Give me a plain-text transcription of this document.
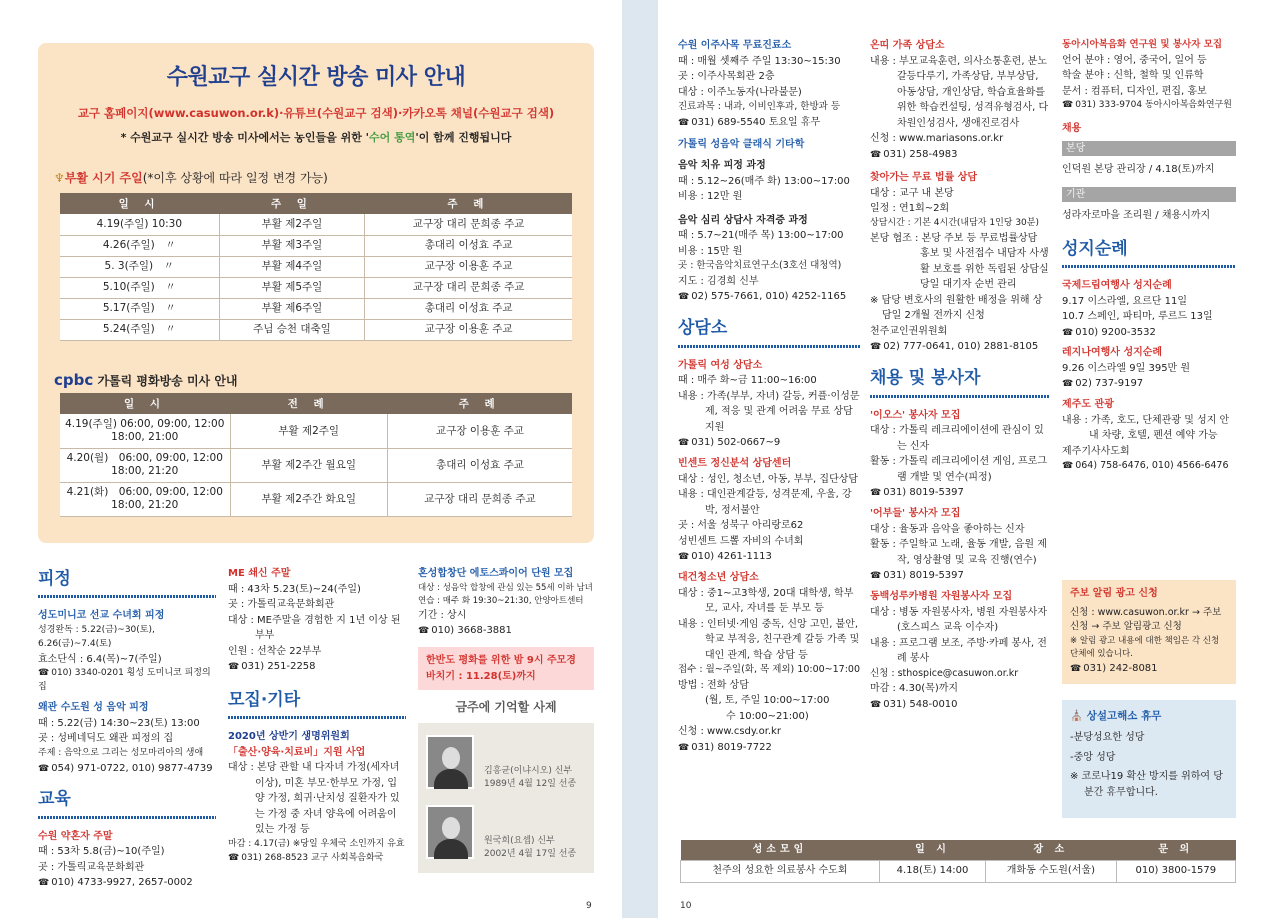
수원교구 실시간 방송 미사 안내
교구 홈페이지(www.casuwon.or.k)·유튜브(수원교구 검색)·카카오톡 채널(수원교구 검색)
* 수원교구 실시간 방송 미사에서는 농인들을 위한 '수어 통역'이 함께 진행됩니다
♆부활 시기 주일(*이후 상황에 따라 일정 변경 가능)
일 시	주 일	주 례
4.19(주일) 10:30	부활 제2주일	교구장 대리 문희종 주교
4.26(주일)　〃	부활 제3주일	총대리 이성효 주교
5. 3(주일)　〃	부활 제4주일	교구장 이용훈 주교
5.10(주일)　〃	부활 제5주일	교구장 대리 문희종 주교
5.17(주일)　〃	부활 제6주일	총대리 이성효 주교
5.24(주일)　〃	주님 승천 대축일	교구장 이용훈 주교
cpbc 가톨릭 평화방송 미사 안내
일 시	전 례	주 례
4.19(주일) 06:00, 09:00, 12:00
18:00, 21:00	부활 제2주일	교구장 이용훈 주교
4.20(월)　06:00, 09:00, 12:00
18:00, 21:20	부활 제2주간 월요일	총대리 이성효 주교
4.21(화)　06:00, 09:00, 12:00
18:00, 21:20	부활 제2주간 화요일	교구장 대리 문희종 주교
피정
성도미니코 선교 수녀회 피정
성경완독 : 5.22(금)~30(토), 6.26(금)~7.4(토)
효소단식 : 6.4(목)~7(주일)
☎ 010) 3340-0201 횡성 도미니코 피정의 집
왜관 수도원 성 음악 피정
때 : 5.22(금) 14:30~23(토) 13:00
곳 : 성베네딕도 왜관 피정의 집
주제 : 음악으로 그리는 성모마리아의 생애
☎ 054) 971-0722, 010) 9877-4739
교육
수원 약혼자 주말
때 : 53차 5.8(금)~10(주일)
곳 : 가톨릭교육문화회관
☎ 010) 4733-9927, 2657-0002
ME 쇄신 주말
때 : 43차 5.23(토)~24(주일)
곳 : 가톨릭교육문화회관
대상 : ME주말을 경험한 지 1년 이상 된 부부
인원 : 선착순 22부부
☎ 031) 251-2258
모집·기타
2020년 상반기 생명위원회
「출산·양육·치료비」지원 사업
대상 : 본당 관할 내 다자녀 가정(세자녀 이상), 미혼 부모·한부모 가정, 입양 가정, 희귀·난치성 질환자가 있는 가정 중 자녀 양육에 어려움이 있는 가정 등
마감 : 4.17(금) ※당일 우체국 소인까지 유효
☎ 031) 268-8523 교구 사회복음화국
혼성합창단 에토스콰이어 단원 모집
대상 : 성음악 합창에 관심 있는 55세 이하 남녀
연습 : 매주 화 19:30~21:30, 안양아트센터
기간 : 상시
☎ 010) 3668-3881
한반도 평화를 위한 밤 9시 주모경 바치기 : 11.28(토)까지
금주에 기억할 사제
김흥균(이냐시오) 신부
1989년 4월 12일 선종
원국희(요셉) 신부
2002년 4월 17일 선종
9
수원 이주사목 무료진료소
때 : 매월 셋째주 주일 13:30~15:30
곳 : 이주사목회관 2층
대상 : 이주노동자(나라불문)
진료과목 : 내과, 이비인후과, 한방과 등
☎ 031) 689-5540 토요일 휴무
가톨릭 성음악 클래식 기타학
음악 치유 피정 과정
때 : 5.12~26(매주 화) 13:00~17:00
비용 : 12만 원
음악 심리 상담사 자격증 과정
때 : 5.7~21(매주 목) 13:00~17:00
비용 : 15만 원
곳 : 한국음악치료연구소(3호선 대청역)
지도 : 김경희 신부
☎ 02) 575-7661, 010) 4252-1165
상담소
가톨릭 여성 상담소
때 : 매주 화~금 11:00~16:00
내용 : 가족(부부, 자녀) 갈등, 커플·이성문제, 적응 및 관계 어려움 무료 상담 지원
☎ 031) 502-0667~9
빈센트 정신분석 상담센터
대상 : 성인, 청소년, 아동, 부부, 집단상담
내용 : 대인관계갈등, 성격문제, 우울, 강박, 정서불안
곳 : 서울 성북구 아리랑로62
성빈센트 드뽈 자비의 수녀회
☎ 010) 4261-1113
대건청소년 상담소
대상 : 중1~고3학생, 20대 대학생, 학부모, 교사, 자녀를 둔 부모 등
내용 : 인터넷·게임 중독, 신앙 고민, 불안, 학교 부적응, 친구관계 갈등 가족 및 대인 관계, 학습 상담 등
접수 : 월~주일(화, 목 제외) 10:00~17:00
방법 : 전화 상담
(월, 토, 주일 10:00~17:00
수 10:00~21:00)
신청 : www.csdy.or.kr
☎ 031) 8019-7722
온띠 가족 상담소
내용 : 부모교육훈련, 의사소통훈련, 분노 갈등다루기, 가족상담, 부부상담, 아동상담, 개인상담, 학습효율화를 위한 학습컨설팅, 성격유형검사, 다차원인성검사, 생애진로검사
신청 : www.mariasons.or.kr
☎ 031) 258-4983
찾아가는 무료 법률 상담
대상 : 교구 내 본당
일정 : 연1회~2회
상담시간 : 기본 4시간(내담자 1인당 30분)
본당 협조 : 본당 주보 등 무료법률상담 홍보 및 사전접수 내담자 사생활 보호를 위한 독립된 상담실 당일 대기자 순번 관리
※ 담당 변호사의 원활한 배정을 위해 상담일 2개월 전까지 신청
천주교인권위원회
☎ 02) 777-0641, 010) 2881-8105
채용 및 봉사자
'이오스' 봉사자 모집
대상 : 가톨릭 레크리에이션에 관심이 있는 신자
활동 : 가톨릭 레크리에이션 게임, 프로그램 개발 및 연수(피정)
☎ 031) 8019-5397
'어부들' 봉사자 모집
대상 : 율동과 음악을 좋아하는 신자
활동 : 주일학교 노래, 율동 개발, 음원 제작, 영상촬영 및 교육 진행(연수)
☎ 031) 8019-5397
동백성루카병원 자원봉사자 모집
대상 : 병동 자원봉사자, 병원 자원봉사자 (호스피스 교육 이수자)
내용 : 프로그램 보조, 주방·카페 봉사, 전례 봉사
신청 : sthospice@casuwon.or.kr
마감 : 4.30(목)까지
☎ 031) 548-0010
동아시아복음화 연구원 및 봉사자 모집
언어 분야 : 영어, 중국어, 일어 등
학술 분야 : 신학, 철학 및 인류학
문서 : 컴퓨터, 디자인, 편집, 홍보
☎ 031) 333-9704 동아시아복음화연구원
채용
본당
인덕원 본당 관리장 / 4.18(토)까지
기관
성라자로마을 조리원 / 채용시까지
성지순례
국제드림여행사 성지순례
9.17 이스라엘, 요르단 11일
10.7 스페인, 파티마, 루르드 13일
☎ 010) 9200-3532
레지나여행사 성지순례
9.26 이스라엘 9일 395만 원
☎ 02) 737-9197
제주도 관광
내용 : 가족, 호도, 단체관광 및 성지 안내 차량, 호텔, 펜션 예약 가능
제주기사사도회
☎ 064) 758-6476, 010) 4566-6476
주보 알림 광고 신청
신청 : www.casuwon.or.kr → 주보 신청 → 주보 알림광고 신청
※ 알림 광고 내용에 대한 책임은 각 신청 단체에 있습니다.
☎ 031) 242-8081
⛪ 상설고해소 휴무
-분당성요한 성당
-중앙 성당
※ 코로나19 확산 방지를 위하여 당분간 휴무합니다.
성소모임	일 시	장 소	문 의
천주의 성요한 의료봉사 수도회	4.18(토) 14:00	개화동 수도원(서울)	010) 3800-1579
10
